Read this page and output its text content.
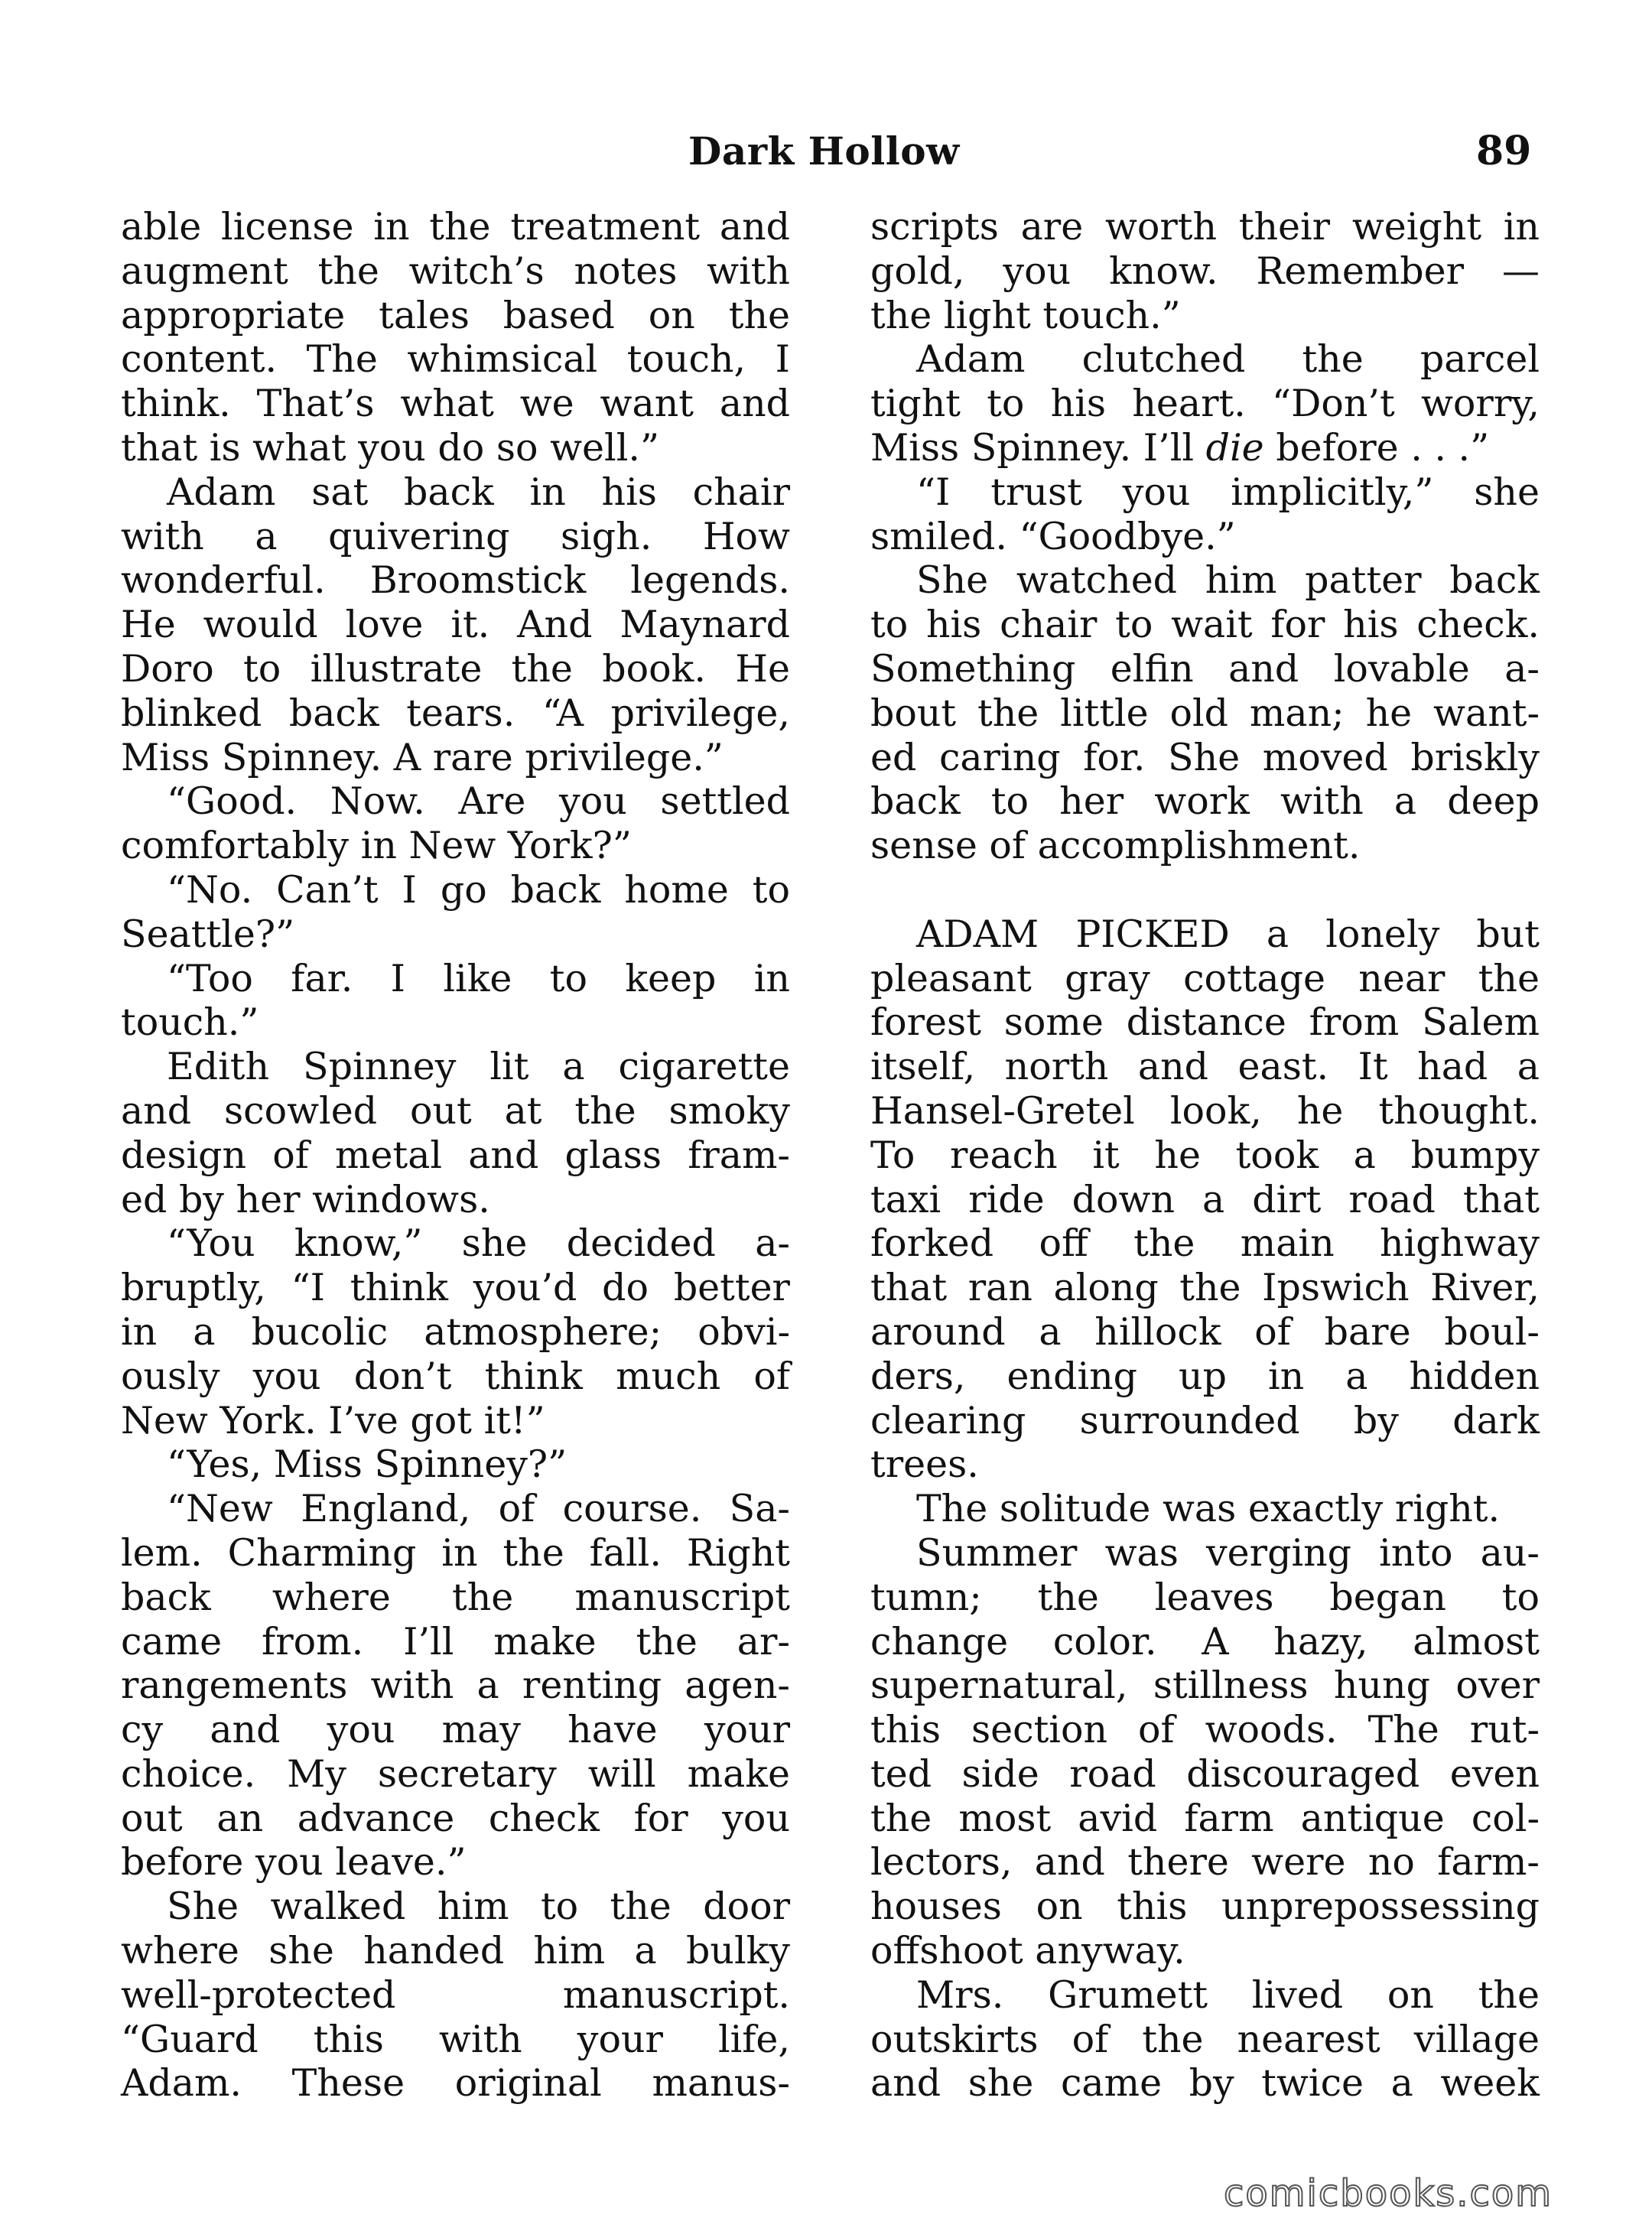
Dark Hollow	89
able license in the treatment and
augment the witch’s notes with
appropriate tales based on the
content. The whimsical touch, I
think. That’s what we want and
that is what you do so well.”
Adam sat back in his chair
with a quivering sigh. How
wonderful. Broomstick legends.
He would love it. And Maynard
Doro to illustrate the book. He
blinked back tears. “A privilege,
Miss Spinney. A rare privilege.”
“Good. Now. Are you settled
comfortably in New York?”
“No. Can’t I go back home to
Seattle?”
“Too far. I like to keep in
touch.”
Edith Spinney lit a cigarette
and scowled out at the smoky
design of metal and glass fram-
ed by her windows.
“You know,” she decided a-
bruptly, “I think you’d do better
in a bucolic atmosphere; obvi-
ously you don’t think much of
New York. I’ve got it!”
“Yes, Miss Spinney?”
“New England, of course. Sa-
lem. Charming in the fall. Right
back where the manuscript
came from. I’ll make the ar-
rangements with a renting agen-
cy and you may have your
choice. My secretary will make
out an advance check for you
before you leave.”
She walked him to the door
where she handed him a bulky
well-protected manuscript.
“Guard this with your life,
Adam. These original manus-
scripts are worth their weight in
gold, you know. Remember —
the light touch.”
Adam clutched the parcel
tight to his heart. “Don’t worry,
Miss Spinney. I’ll die before . . .”
“I trust you implicitly,” she
smiled. “Goodbye.”
She watched him patter back
to his chair to wait for his check.
Something elfin and lovable a-
bout the little old man; he want-
ed caring for. She moved briskly
back to her work with a deep
sense of accomplishment.
ADAM PICKED a lonely but
pleasant gray cottage near the
forest some distance from Salem
itself, north and east. It had a
Hansel-Gretel look, he thought.
To reach it he took a bumpy
taxi ride down a dirt road that
forked off the main highway
that ran along the Ipswich River,
around a hillock of bare boul-
ders, ending up in a hidden
clearing surrounded by dark
trees.
The solitude was exactly right.
Summer was verging into au-
tumn; the leaves began to
change color. A hazy, almost
supernatural, stillness hung over
this section of woods. The rut-
ted side road discouraged even
the most avid farm antique col-
lectors, and there were no farm-
houses on this unprepossessing
offshoot anyway.
Mrs. Grumett lived on the
outskirts of the nearest village
and she came by twice a week
comicbooks.com
